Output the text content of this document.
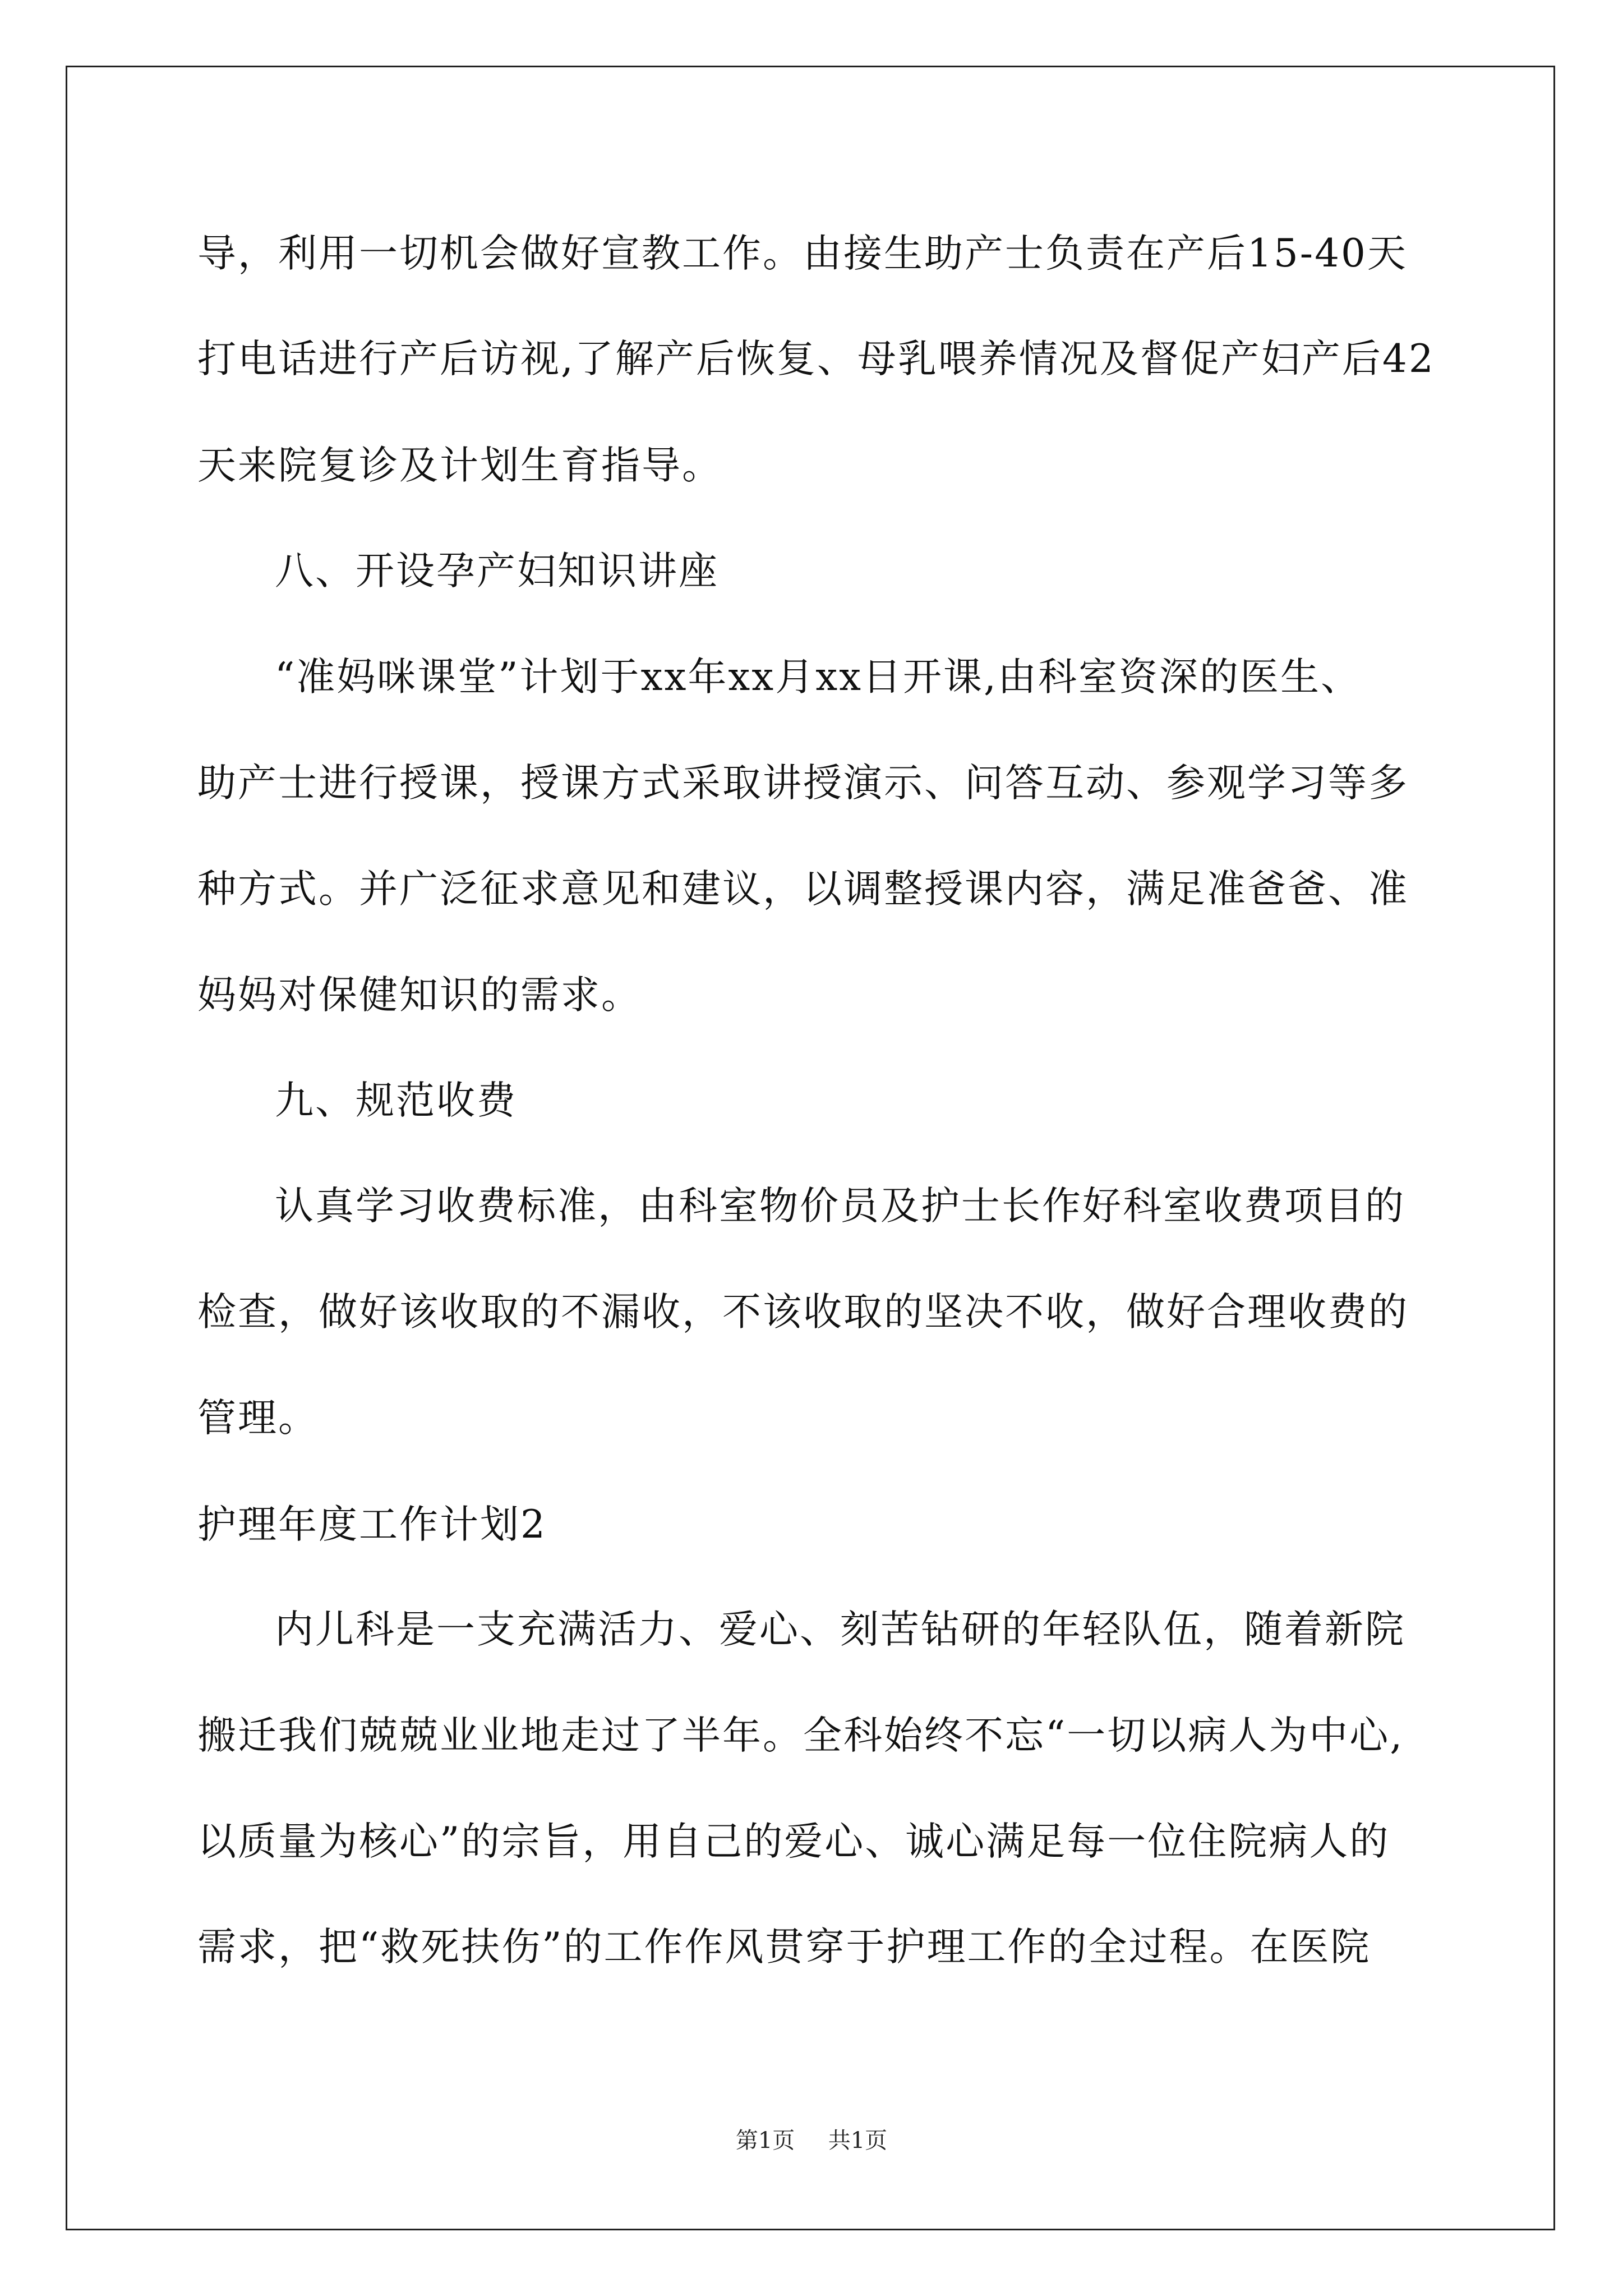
导，利用一切机会做好宣教工作。由接生助产士负责在产后15-40天
打电话进行产后访视,了解产后恢复、母乳喂养情况及督促产妇产后42
天来院复诊及计划生育指导。
八、开设孕产妇知识讲座
“准妈咪课堂”计划于xx年xx月xx日开课,由科室资深的医生、
助产士进行授课，授课方式采取讲授演示、问答互动、参观学习等多
种方式。并广泛征求意见和建议，以调整授课内容，满足准爸爸、准
妈妈对保健知识的需求。
九、规范收费
认真学习收费标准，由科室物价员及护士长作好科室收费项目的
检查，做好该收取的不漏收，不该收取的坚决不收，做好合理收费的
管理。
护理年度工作计划2
内儿科是一支充满活力、爱心、刻苦钻研的年轻队伍，随着新院
搬迁我们兢兢业业地走过了半年。全科始终不忘“一切以病人为中心,
以质量为核心”的宗旨，用自己的爱心、诚心满足每一位住院病人的
需求，把“救死扶伤”的工作作风贯穿于护理工作的全过程。在医院
第1页 共1页
